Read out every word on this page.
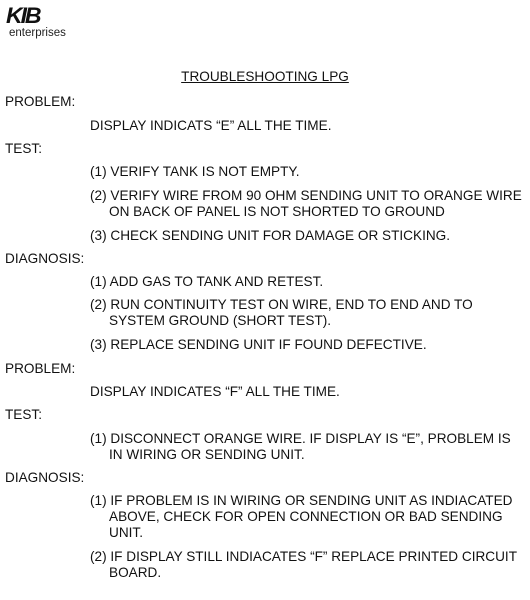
KIB
enterprises
TROUBLESHOOTING LPG
PROBLEM:
DISPLAY INDICATS “E” ALL THE TIME.
TEST:
(1) VERIFY TANK IS NOT EMPTY.
(2) VERIFY WIRE FROM 90 OHM SENDING UNIT TO ORANGE WIRE ON BACK OF PANEL IS NOT SHORTED TO GROUND
(3) CHECK SENDING UNIT FOR DAMAGE OR STICKING.
DIAGNOSIS:
(1) ADD GAS TO TANK AND RETEST.
(2) RUN CONTINUITY TEST ON WIRE, END TO END AND TO SYSTEM GROUND (SHORT TEST).
(3) REPLACE SENDING UNIT IF FOUND DEFECTIVE.
PROBLEM:
DISPLAY INDICATES “F” ALL THE TIME.
TEST:
(1) DISCONNECT ORANGE WIRE. IF DISPLAY IS “E”, PROBLEM IS IN WIRING OR SENDING UNIT.
DIAGNOSIS:
(1) IF PROBLEM IS IN WIRING OR SENDING UNIT AS INDIACATED ABOVE, CHECK FOR OPEN CONNECTION OR BAD SENDING UNIT.
(2) IF DISPLAY STILL INDIACATES “F” REPLACE PRINTED CIRCUIT BOARD.
